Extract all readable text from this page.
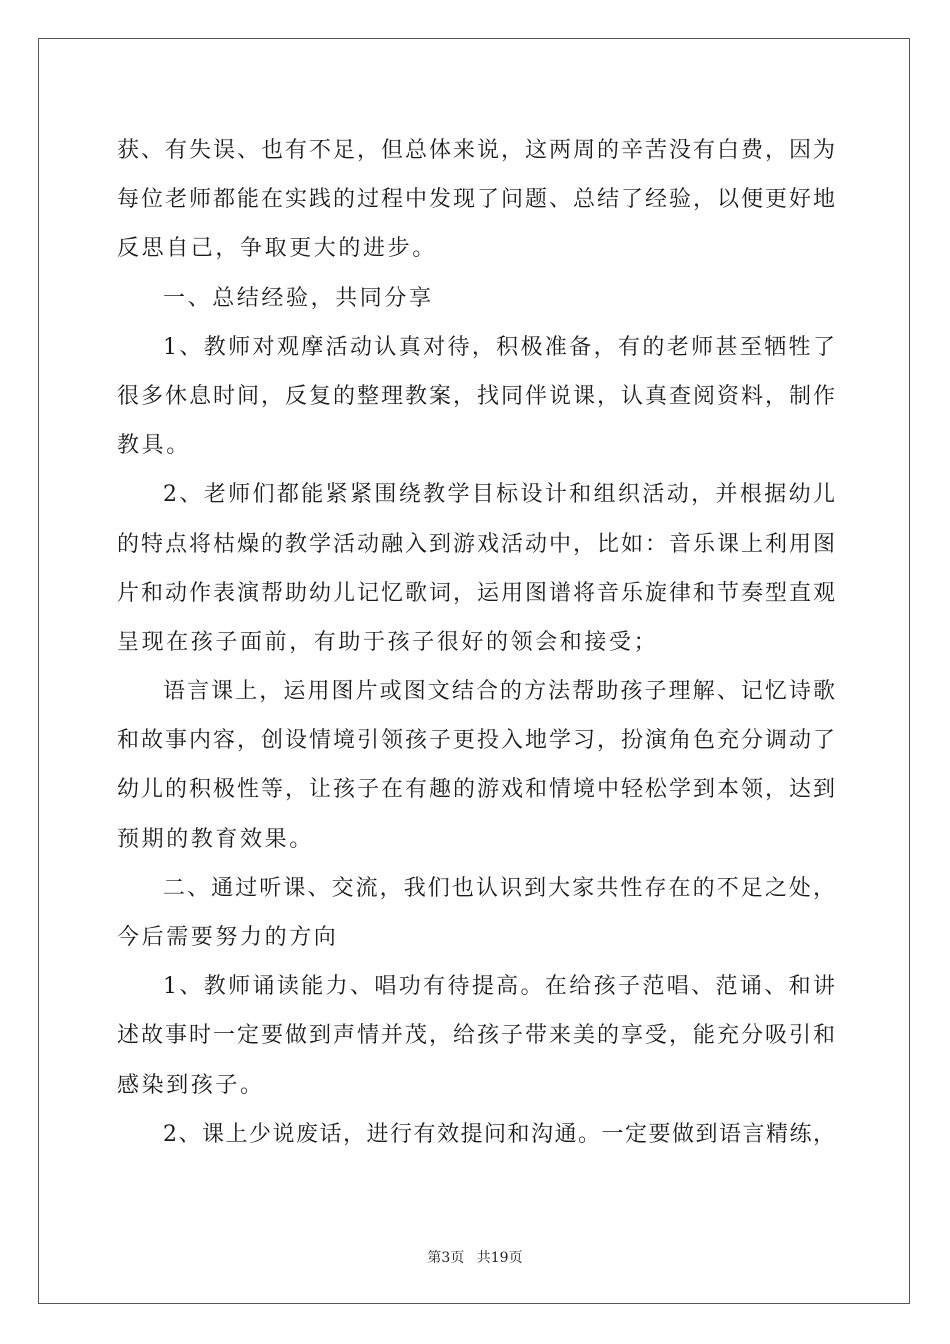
获、有失误、也有不足，但总体来说，这两周的辛苦没有白费，因为
每位老师都能在实践的过程中发现了问题、总结了经验，以便更好地
反思自己，争取更大的进步。
一、总结经验，共同分享
1、教师对观摩活动认真对待，积极准备，有的老师甚至牺牲了
很多休息时间，反复的整理教案，找同伴说课，认真查阅资料，制作
教具。
2、老师们都能紧紧围绕教学目标设计和组织活动，并根据幼儿
的特点将枯燥的教学活动融入到游戏活动中，比如：音乐课上利用图
片和动作表演帮助幼儿记忆歌词，运用图谱将音乐旋律和节奏型直观
呈现在孩子面前，有助于孩子很好的领会和接受；
语言课上，运用图片或图文结合的方法帮助孩子理解、记忆诗歌
和故事内容，创设情境引领孩子更投入地学习，扮演角色充分调动了
幼儿的积极性等，让孩子在有趣的游戏和情境中轻松学到本领，达到
预期的教育效果。
二、通过听课、交流，我们也认识到大家共性存在的不足之处，
今后需要努力的方向
1、教师诵读能力、唱功有待提高。在给孩子范唱、范诵、和讲
述故事时一定要做到声情并茂，给孩子带来美的享受，能充分吸引和
感染到孩子。
2、课上少说废话，进行有效提问和沟通。一定要做到语言精练，
第3页 共19页
